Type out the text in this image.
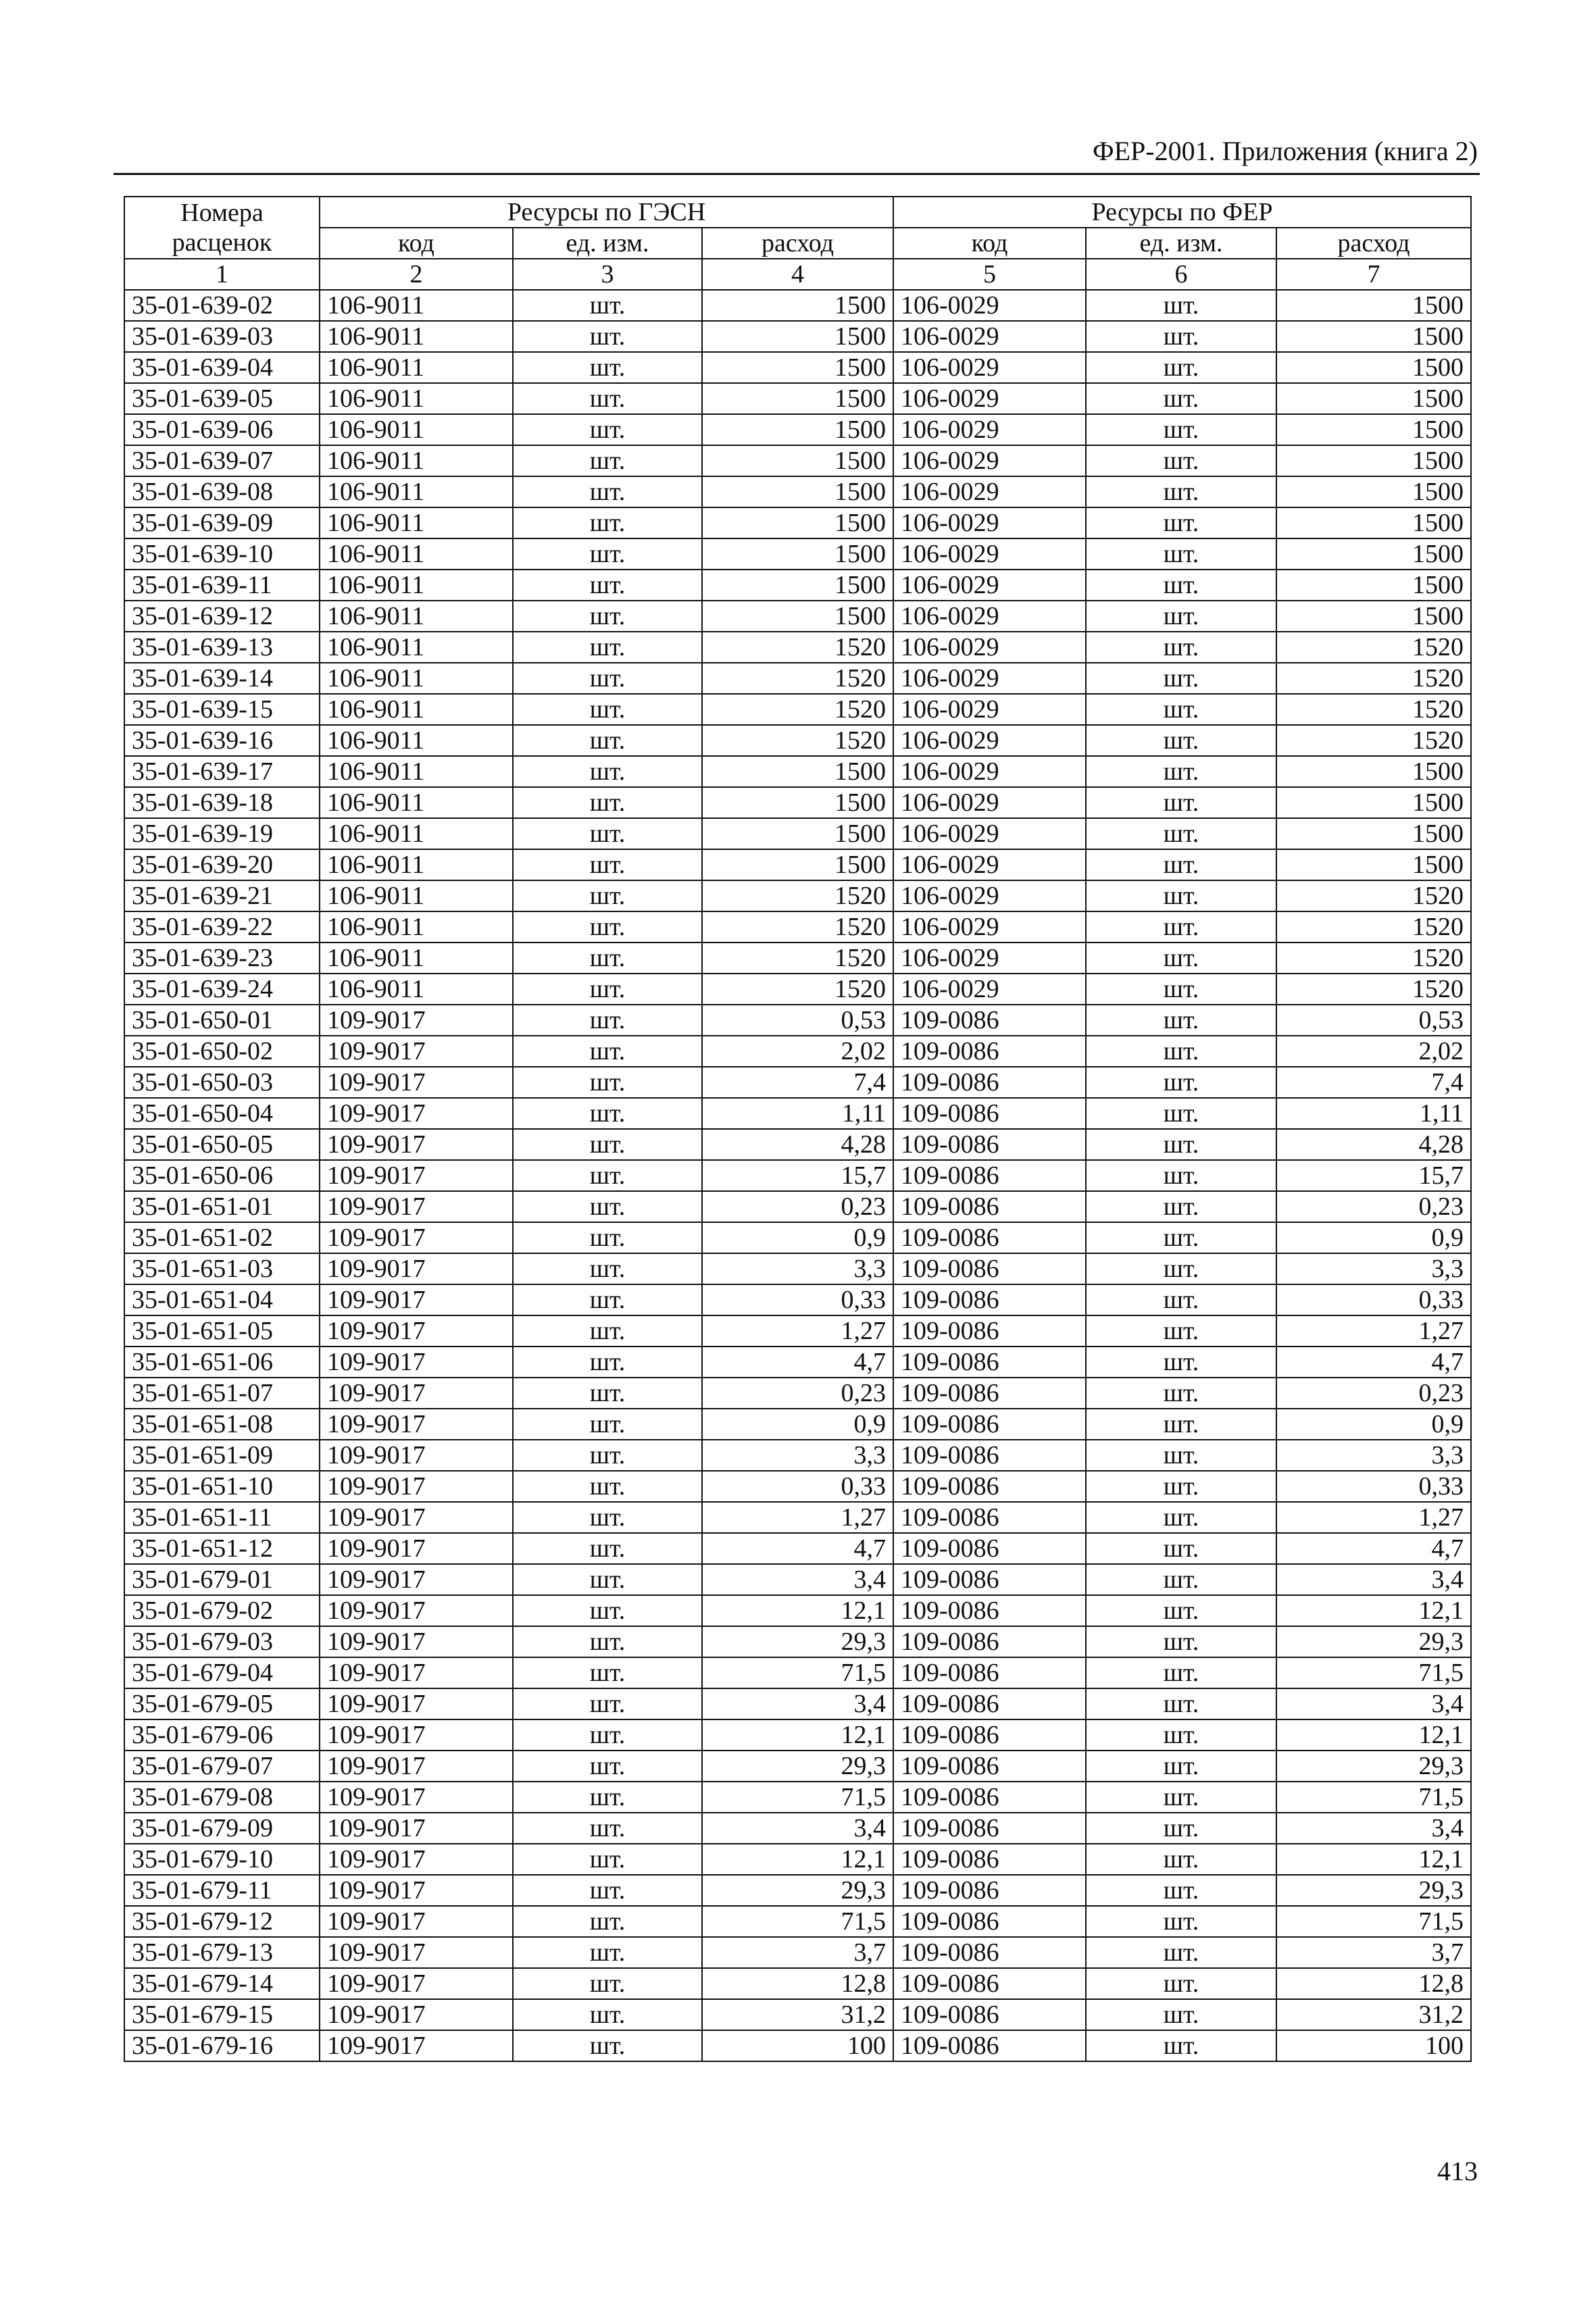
ФЕР-2001. Приложения (книга 2)
Номера расценок	Ресурсы по ГЭСН			Ресурсы по ФЕР		
	код	ед. изм.	расход	код	ед. изм.	расход
1	2	3	4	5	6	7
35-01-639-02	106-9011	шт.	1500	106-0029	шт.	1500
35-01-639-03	106-9011	шт.	1500	106-0029	шт.	1500
35-01-639-04	106-9011	шт.	1500	106-0029	шт.	1500
35-01-639-05	106-9011	шт.	1500	106-0029	шт.	1500
35-01-639-06	106-9011	шт.	1500	106-0029	шт.	1500
35-01-639-07	106-9011	шт.	1500	106-0029	шт.	1500
35-01-639-08	106-9011	шт.	1500	106-0029	шт.	1500
35-01-639-09	106-9011	шт.	1500	106-0029	шт.	1500
35-01-639-10	106-9011	шт.	1500	106-0029	шт.	1500
35-01-639-11	106-9011	шт.	1500	106-0029	шт.	1500
35-01-639-12	106-9011	шт.	1500	106-0029	шт.	1500
35-01-639-13	106-9011	шт.	1520	106-0029	шт.	1520
35-01-639-14	106-9011	шт.	1520	106-0029	шт.	1520
35-01-639-15	106-9011	шт.	1520	106-0029	шт.	1520
35-01-639-16	106-9011	шт.	1520	106-0029	шт.	1520
35-01-639-17	106-9011	шт.	1500	106-0029	шт.	1500
35-01-639-18	106-9011	шт.	1500	106-0029	шт.	1500
35-01-639-19	106-9011	шт.	1500	106-0029	шт.	1500
35-01-639-20	106-9011	шт.	1500	106-0029	шт.	1500
35-01-639-21	106-9011	шт.	1520	106-0029	шт.	1520
35-01-639-22	106-9011	шт.	1520	106-0029	шт.	1520
35-01-639-23	106-9011	шт.	1520	106-0029	шт.	1520
35-01-639-24	106-9011	шт.	1520	106-0029	шт.	1520
35-01-650-01	109-9017	шт.	0,53	109-0086	шт.	0,53
35-01-650-02	109-9017	шт.	2,02	109-0086	шт.	2,02
35-01-650-03	109-9017	шт.	7,4	109-0086	шт.	7,4
35-01-650-04	109-9017	шт.	1,11	109-0086	шт.	1,11
35-01-650-05	109-9017	шт.	4,28	109-0086	шт.	4,28
35-01-650-06	109-9017	шт.	15,7	109-0086	шт.	15,7
35-01-651-01	109-9017	шт.	0,23	109-0086	шт.	0,23
35-01-651-02	109-9017	шт.	0,9	109-0086	шт.	0,9
35-01-651-03	109-9017	шт.	3,3	109-0086	шт.	3,3
35-01-651-04	109-9017	шт.	0,33	109-0086	шт.	0,33
35-01-651-05	109-9017	шт.	1,27	109-0086	шт.	1,27
35-01-651-06	109-9017	шт.	4,7	109-0086	шт.	4,7
35-01-651-07	109-9017	шт.	0,23	109-0086	шт.	0,23
35-01-651-08	109-9017	шт.	0,9	109-0086	шт.	0,9
35-01-651-09	109-9017	шт.	3,3	109-0086	шт.	3,3
35-01-651-10	109-9017	шт.	0,33	109-0086	шт.	0,33
35-01-651-11	109-9017	шт.	1,27	109-0086	шт.	1,27
35-01-651-12	109-9017	шт.	4,7	109-0086	шт.	4,7
35-01-679-01	109-9017	шт.	3,4	109-0086	шт.	3,4
35-01-679-02	109-9017	шт.	12,1	109-0086	шт.	12,1
35-01-679-03	109-9017	шт.	29,3	109-0086	шт.	29,3
35-01-679-04	109-9017	шт.	71,5	109-0086	шт.	71,5
35-01-679-05	109-9017	шт.	3,4	109-0086	шт.	3,4
35-01-679-06	109-9017	шт.	12,1	109-0086	шт.	12,1
35-01-679-07	109-9017	шт.	29,3	109-0086	шт.	29,3
35-01-679-08	109-9017	шт.	71,5	109-0086	шт.	71,5
35-01-679-09	109-9017	шт.	3,4	109-0086	шт.	3,4
35-01-679-10	109-9017	шт.	12,1	109-0086	шт.	12,1
35-01-679-11	109-9017	шт.	29,3	109-0086	шт.	29,3
35-01-679-12	109-9017	шт.	71,5	109-0086	шт.	71,5
35-01-679-13	109-9017	шт.	3,7	109-0086	шт.	3,7
35-01-679-14	109-9017	шт.	12,8	109-0086	шт.	12,8
35-01-679-15	109-9017	шт.	31,2	109-0086	шт.	31,2
35-01-679-16	109-9017	шт.	100	109-0086	шт.	100
413
